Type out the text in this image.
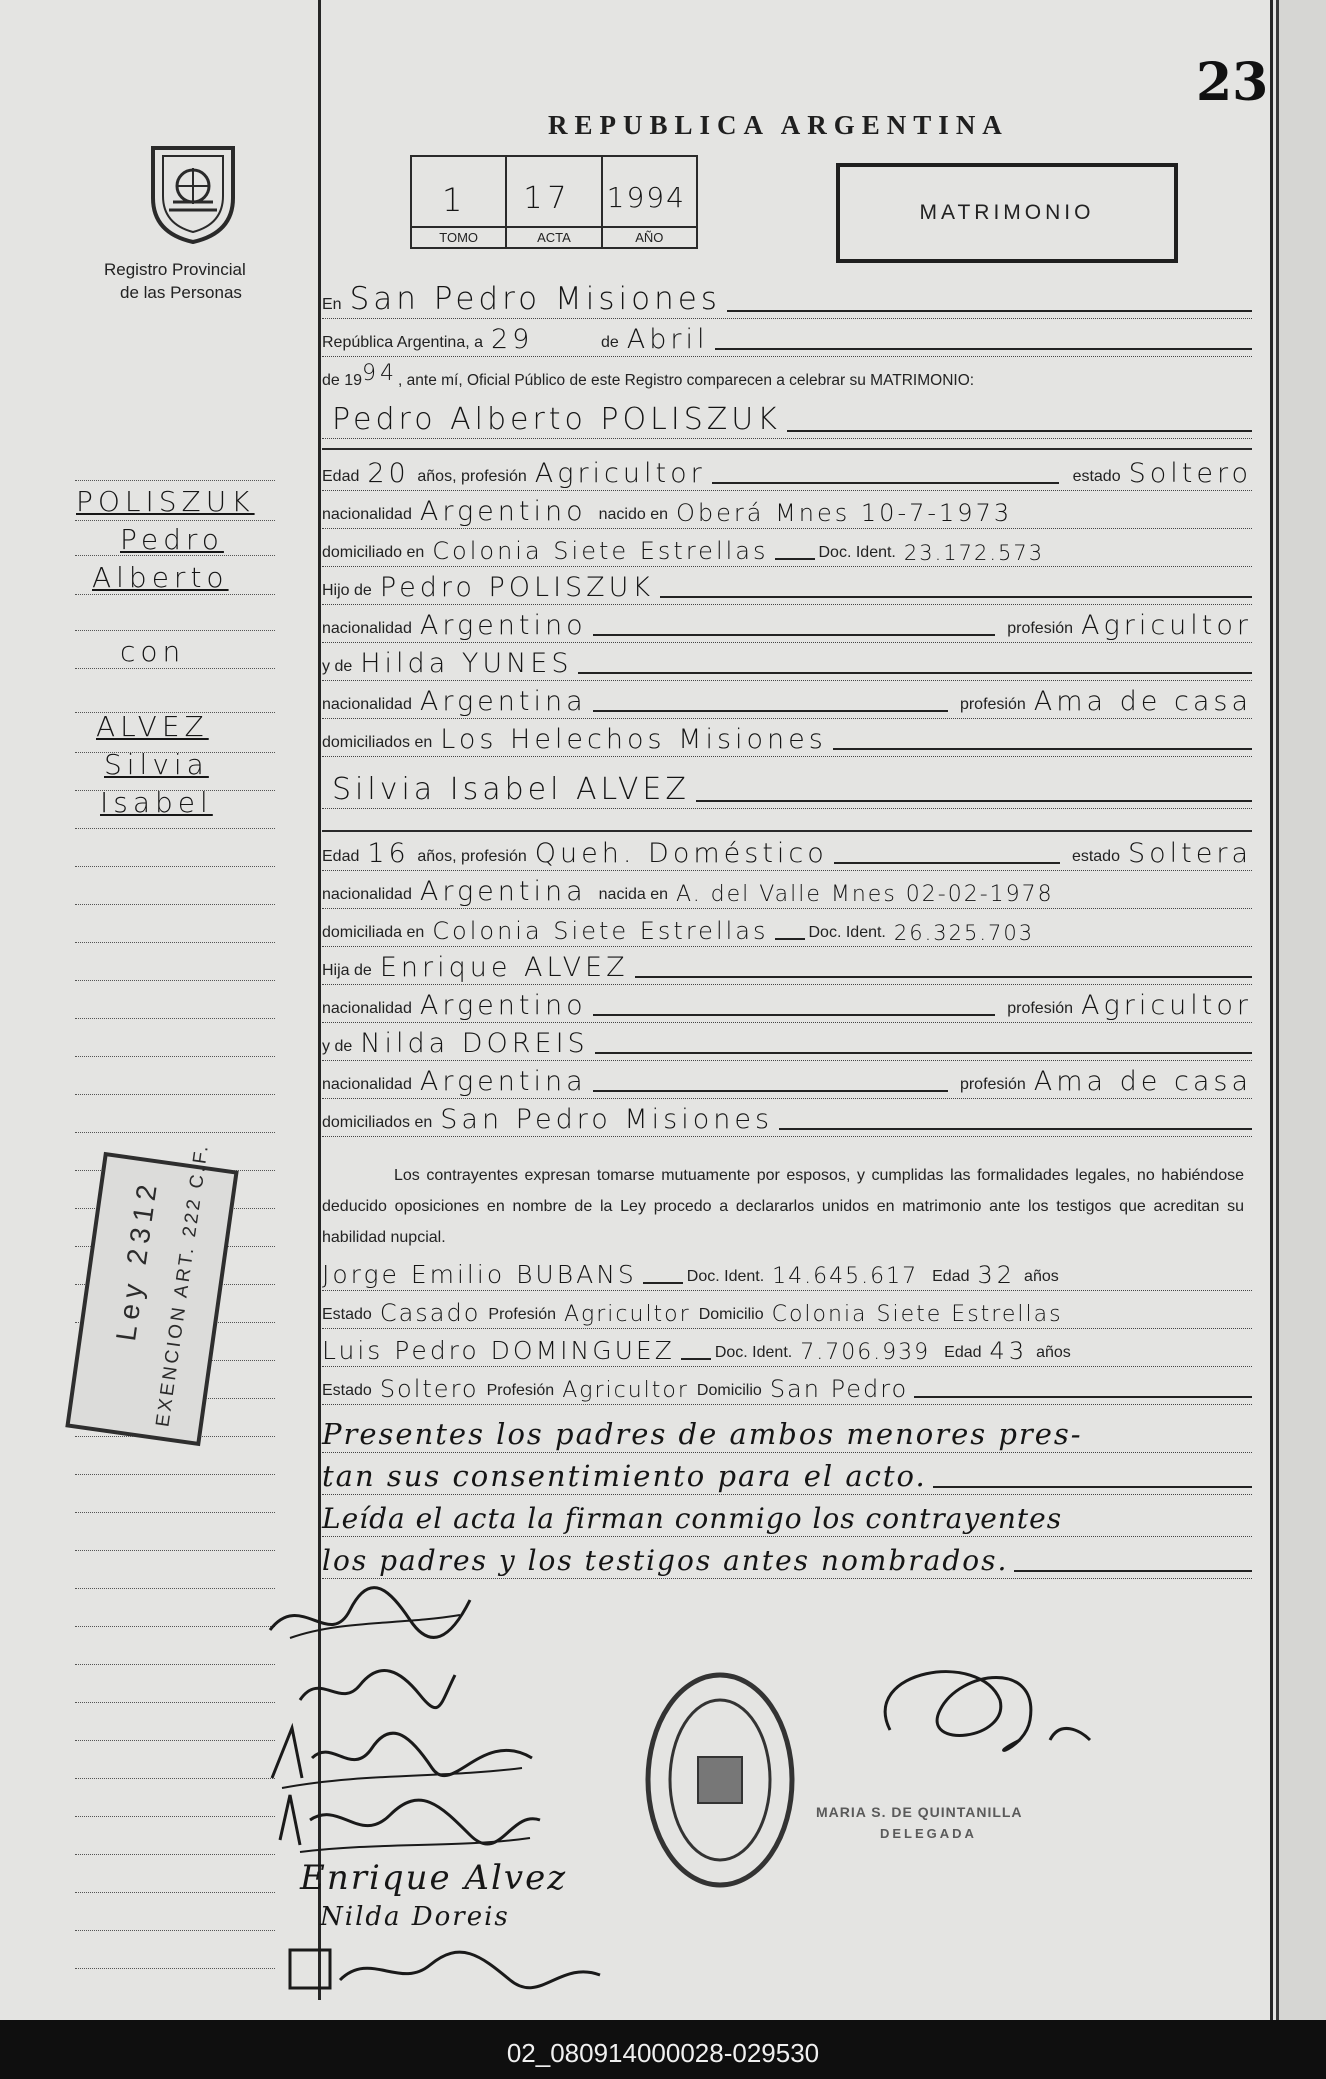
23
REPUBLICA ARGENTINA
1
TOMO
17
ACTA
1994
AÑO
MATRIMONIO
Registro Provincial
de las Personas
POLISZUK
Pedro
Alberto
con
ALVEZ
Silvia
Isabel
Ley 2312
EXENCION ART. 222 C.F.
En San Pedro Misiones
República Argentina, a 29	de Abril
de 19 94 , ante mí, Oficial Público de este Registro comparecen a celebrar su MATRIMONIO:
Pedro Alberto POLISZUK
Edad 20 años, profesión Agricultor	estado Soltero
nacionalidad Argentino nacido en Oberá Mnes 10-7-1973
domiciliado en Colonia Siete Estrellas	Doc. Ident. 23.172.573
Hijo de Pedro POLISZUK
nacionalidad Argentino	profesión Agricultor
y de Hilda YUNES
nacionalidad Argentina	profesión Ama de casa
domiciliados en Los Helechos Misiones
Silvia Isabel ALVEZ
Edad 16 años, profesión Queh. Doméstico	estado Soltera
nacionalidad Argentina nacida en A. del Valle Mnes 02-02-1978
domiciliada en Colonia Siete Estrellas	Doc. Ident. 26.325.703
Hija de Enrique ALVEZ
nacionalidad Argentino	profesión Agricultor
y de Nilda DOREIS
nacionalidad Argentina	profesión Ama de casa
domiciliados en San Pedro Misiones
Los contrayentes expresan tomarse mutuamente por esposos, y cumplidas las formalidades legales, no habiéndose deducido oposiciones en nombre de la Ley procedo a declararlos unidos en matrimonio ante los testigos que acreditan su habilidad nupcial.
Jorge Emilio BUBANS	Doc. Ident. 14.645.617 Edad 32 años
Estado Casado Profesión Agricultor Domicilio Colonia Siete Estrellas
Luis Pedro DOMINGUEZ	Doc. Ident. 7.706.939 Edad 43 años
Estado Soltero Profesión Agricultor Domicilio San Pedro
Presentes los padres de ambos menores pres-
tan sus consentimiento para el acto.
Leída el acta la firman conmigo los contrayentes
los padres y los testigos antes nombrados.
Enrique Alvez
Nilda Doreis
MARIA S. DE QUINTANILLA
DELEGADA
02_080914000028-029530
